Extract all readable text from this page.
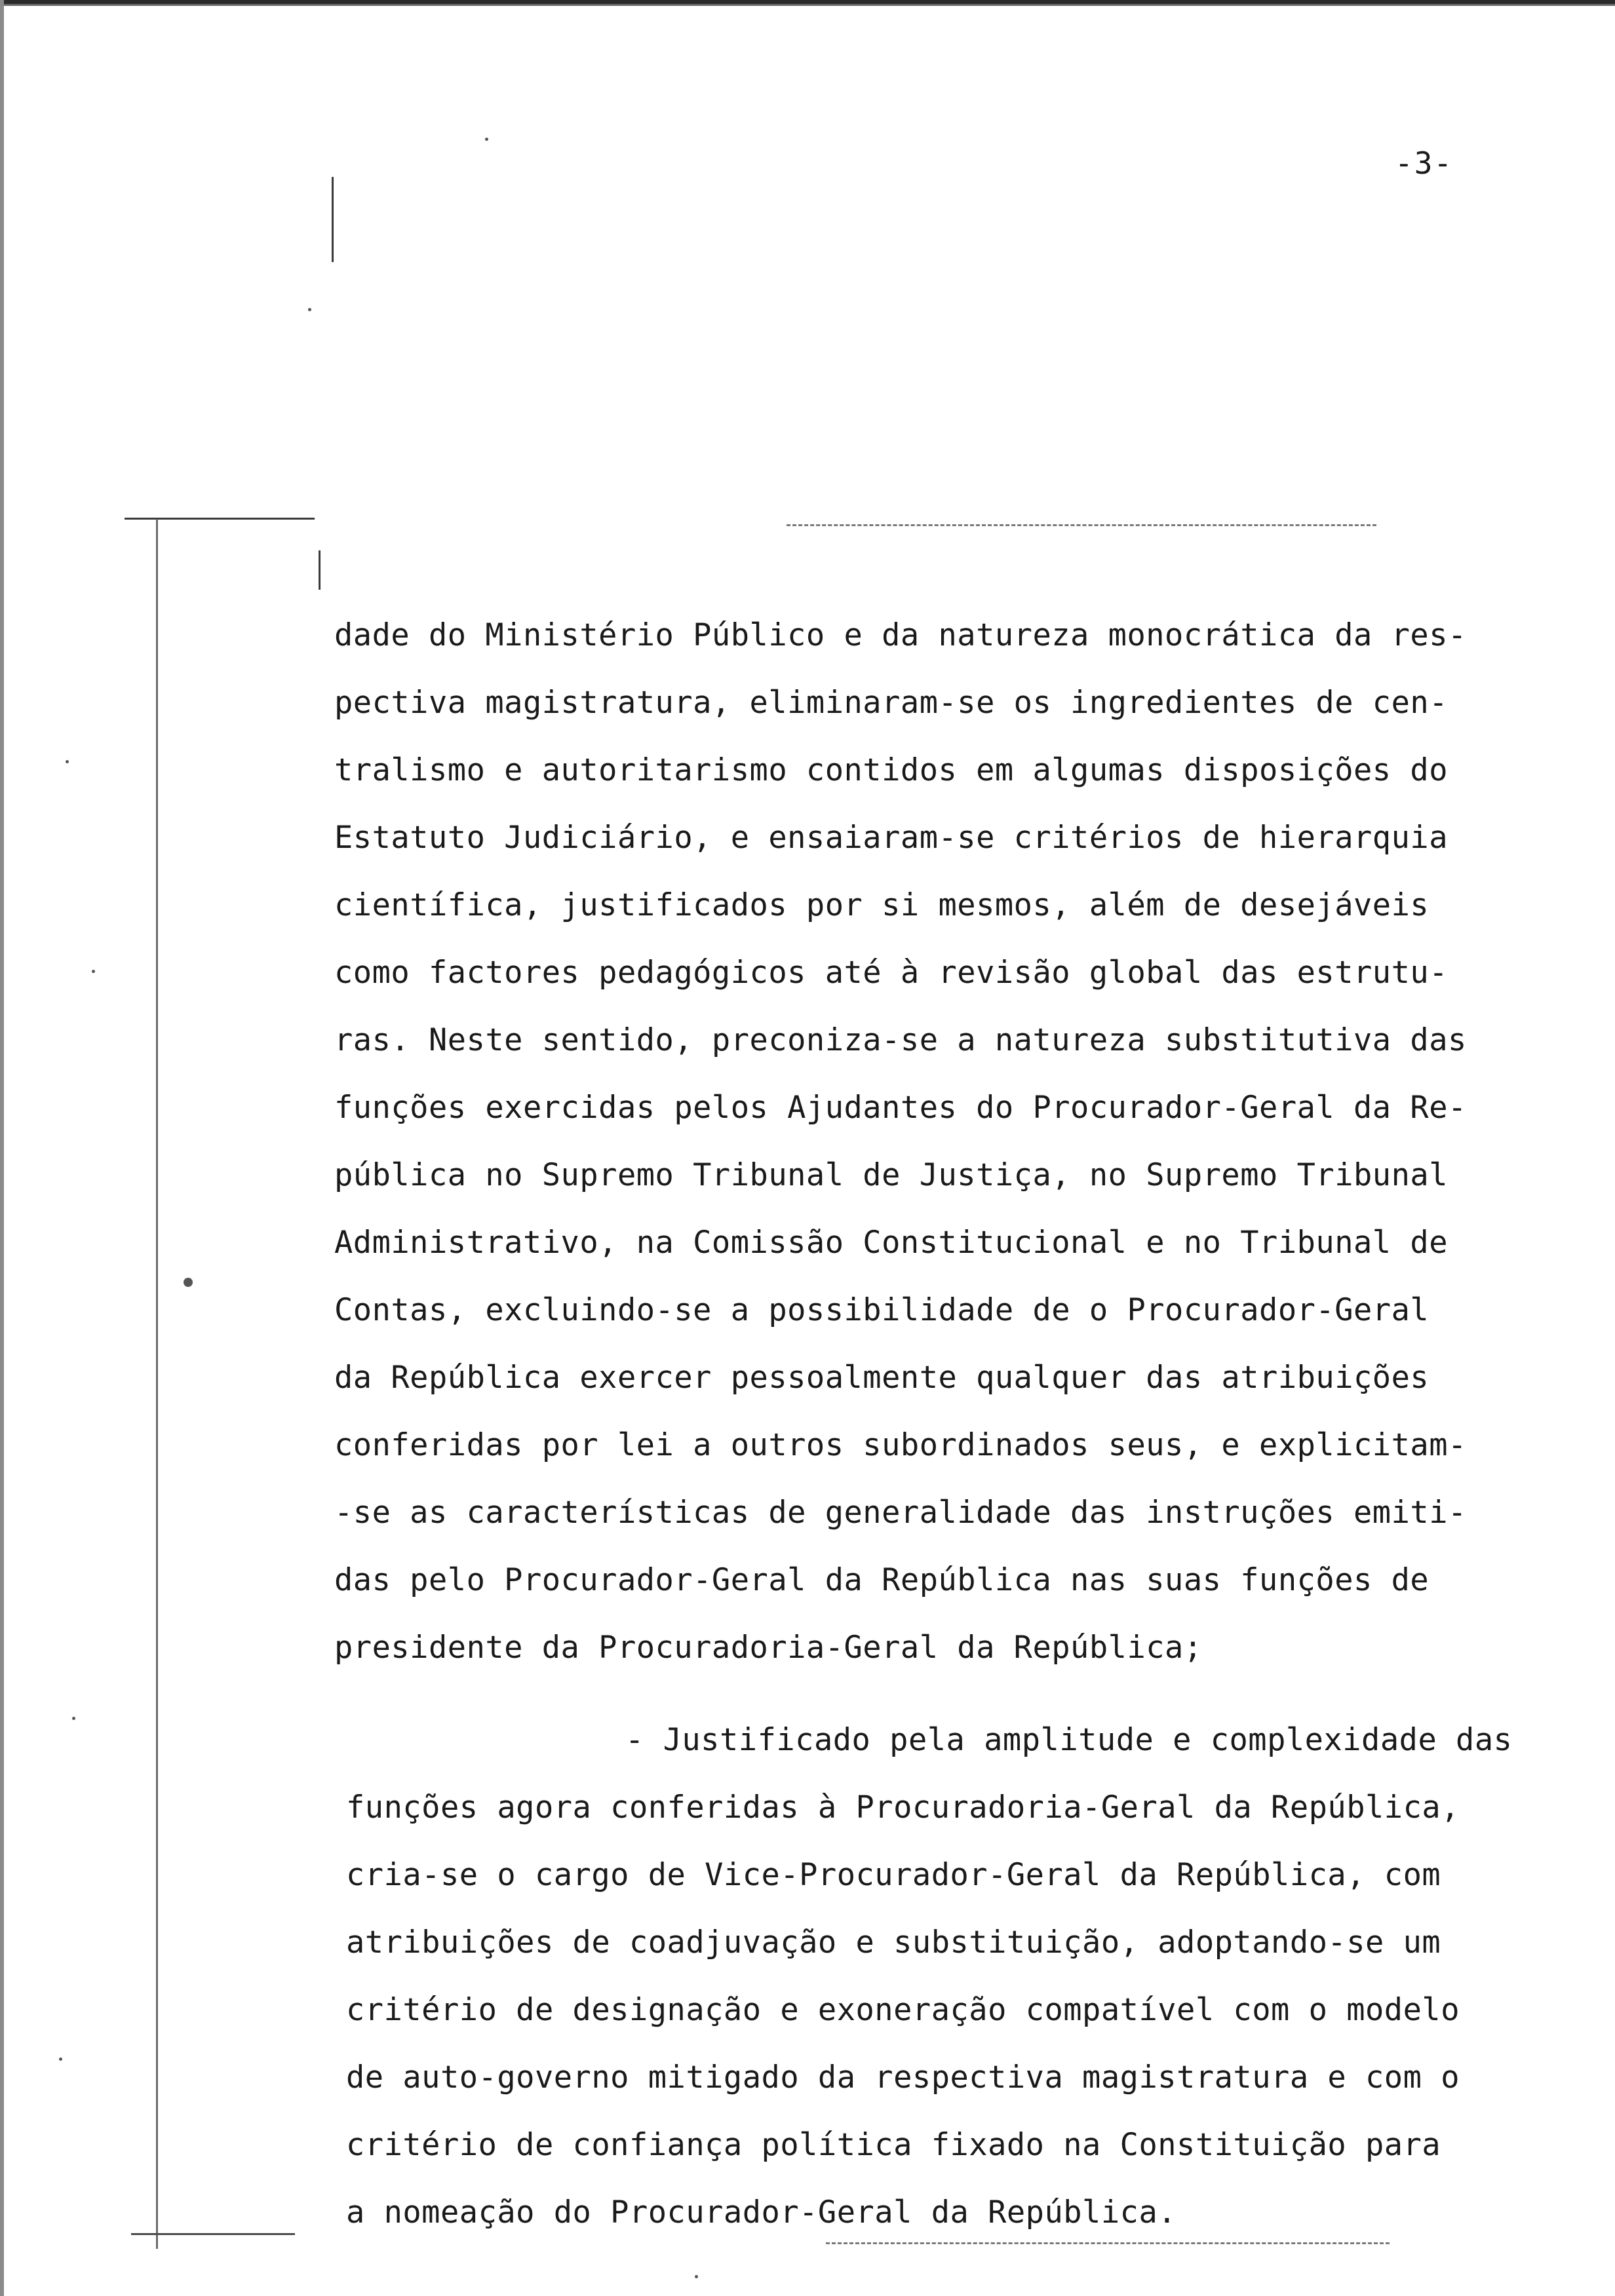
-3-
dade do Ministério Público e da natureza monocrática da res-
pectiva magistratura, eliminaram-se os ingredientes de cen-
tralismo e autoritarismo contidos em algumas disposições do
Estatuto Judiciário, e ensaiaram-se critérios de hierarquia
científica, justificados por si mesmos, além de desejáveis
como factores pedagógicos até à revisão global das estrutu-
ras. Neste sentido, preconiza-se a natureza substitutiva das
funções exercidas pelos Ajudantes do Procurador-Geral da Re-
pública no Supremo Tribunal de Justiça, no Supremo Tribunal
Administrativo, na Comissão Constitucional e no Tribunal de
Contas, excluindo-se a possibilidade de o Procurador-Geral
da República exercer pessoalmente qualquer das atribuições
conferidas por lei a outros subordinados seus, e explicitam-
-se as características de generalidade das instruções emiti-
das pelo Procurador-Geral da República nas suas funções de
presidente da Procuradoria-Geral da República;
- Justificado pela amplitude e complexidade das
funções agora conferidas à Procuradoria-Geral da República,
cria-se o cargo de Vice-Procurador-Geral da República, com
atribuições de coadjuvação e substituição, adoptando-se um
critério de designação e exoneração compatível com o modelo
de auto-governo mitigado da respectiva magistratura e com o
critério de confiança política fixado na Constituição para
a nomeação do Procurador-Geral da República.
